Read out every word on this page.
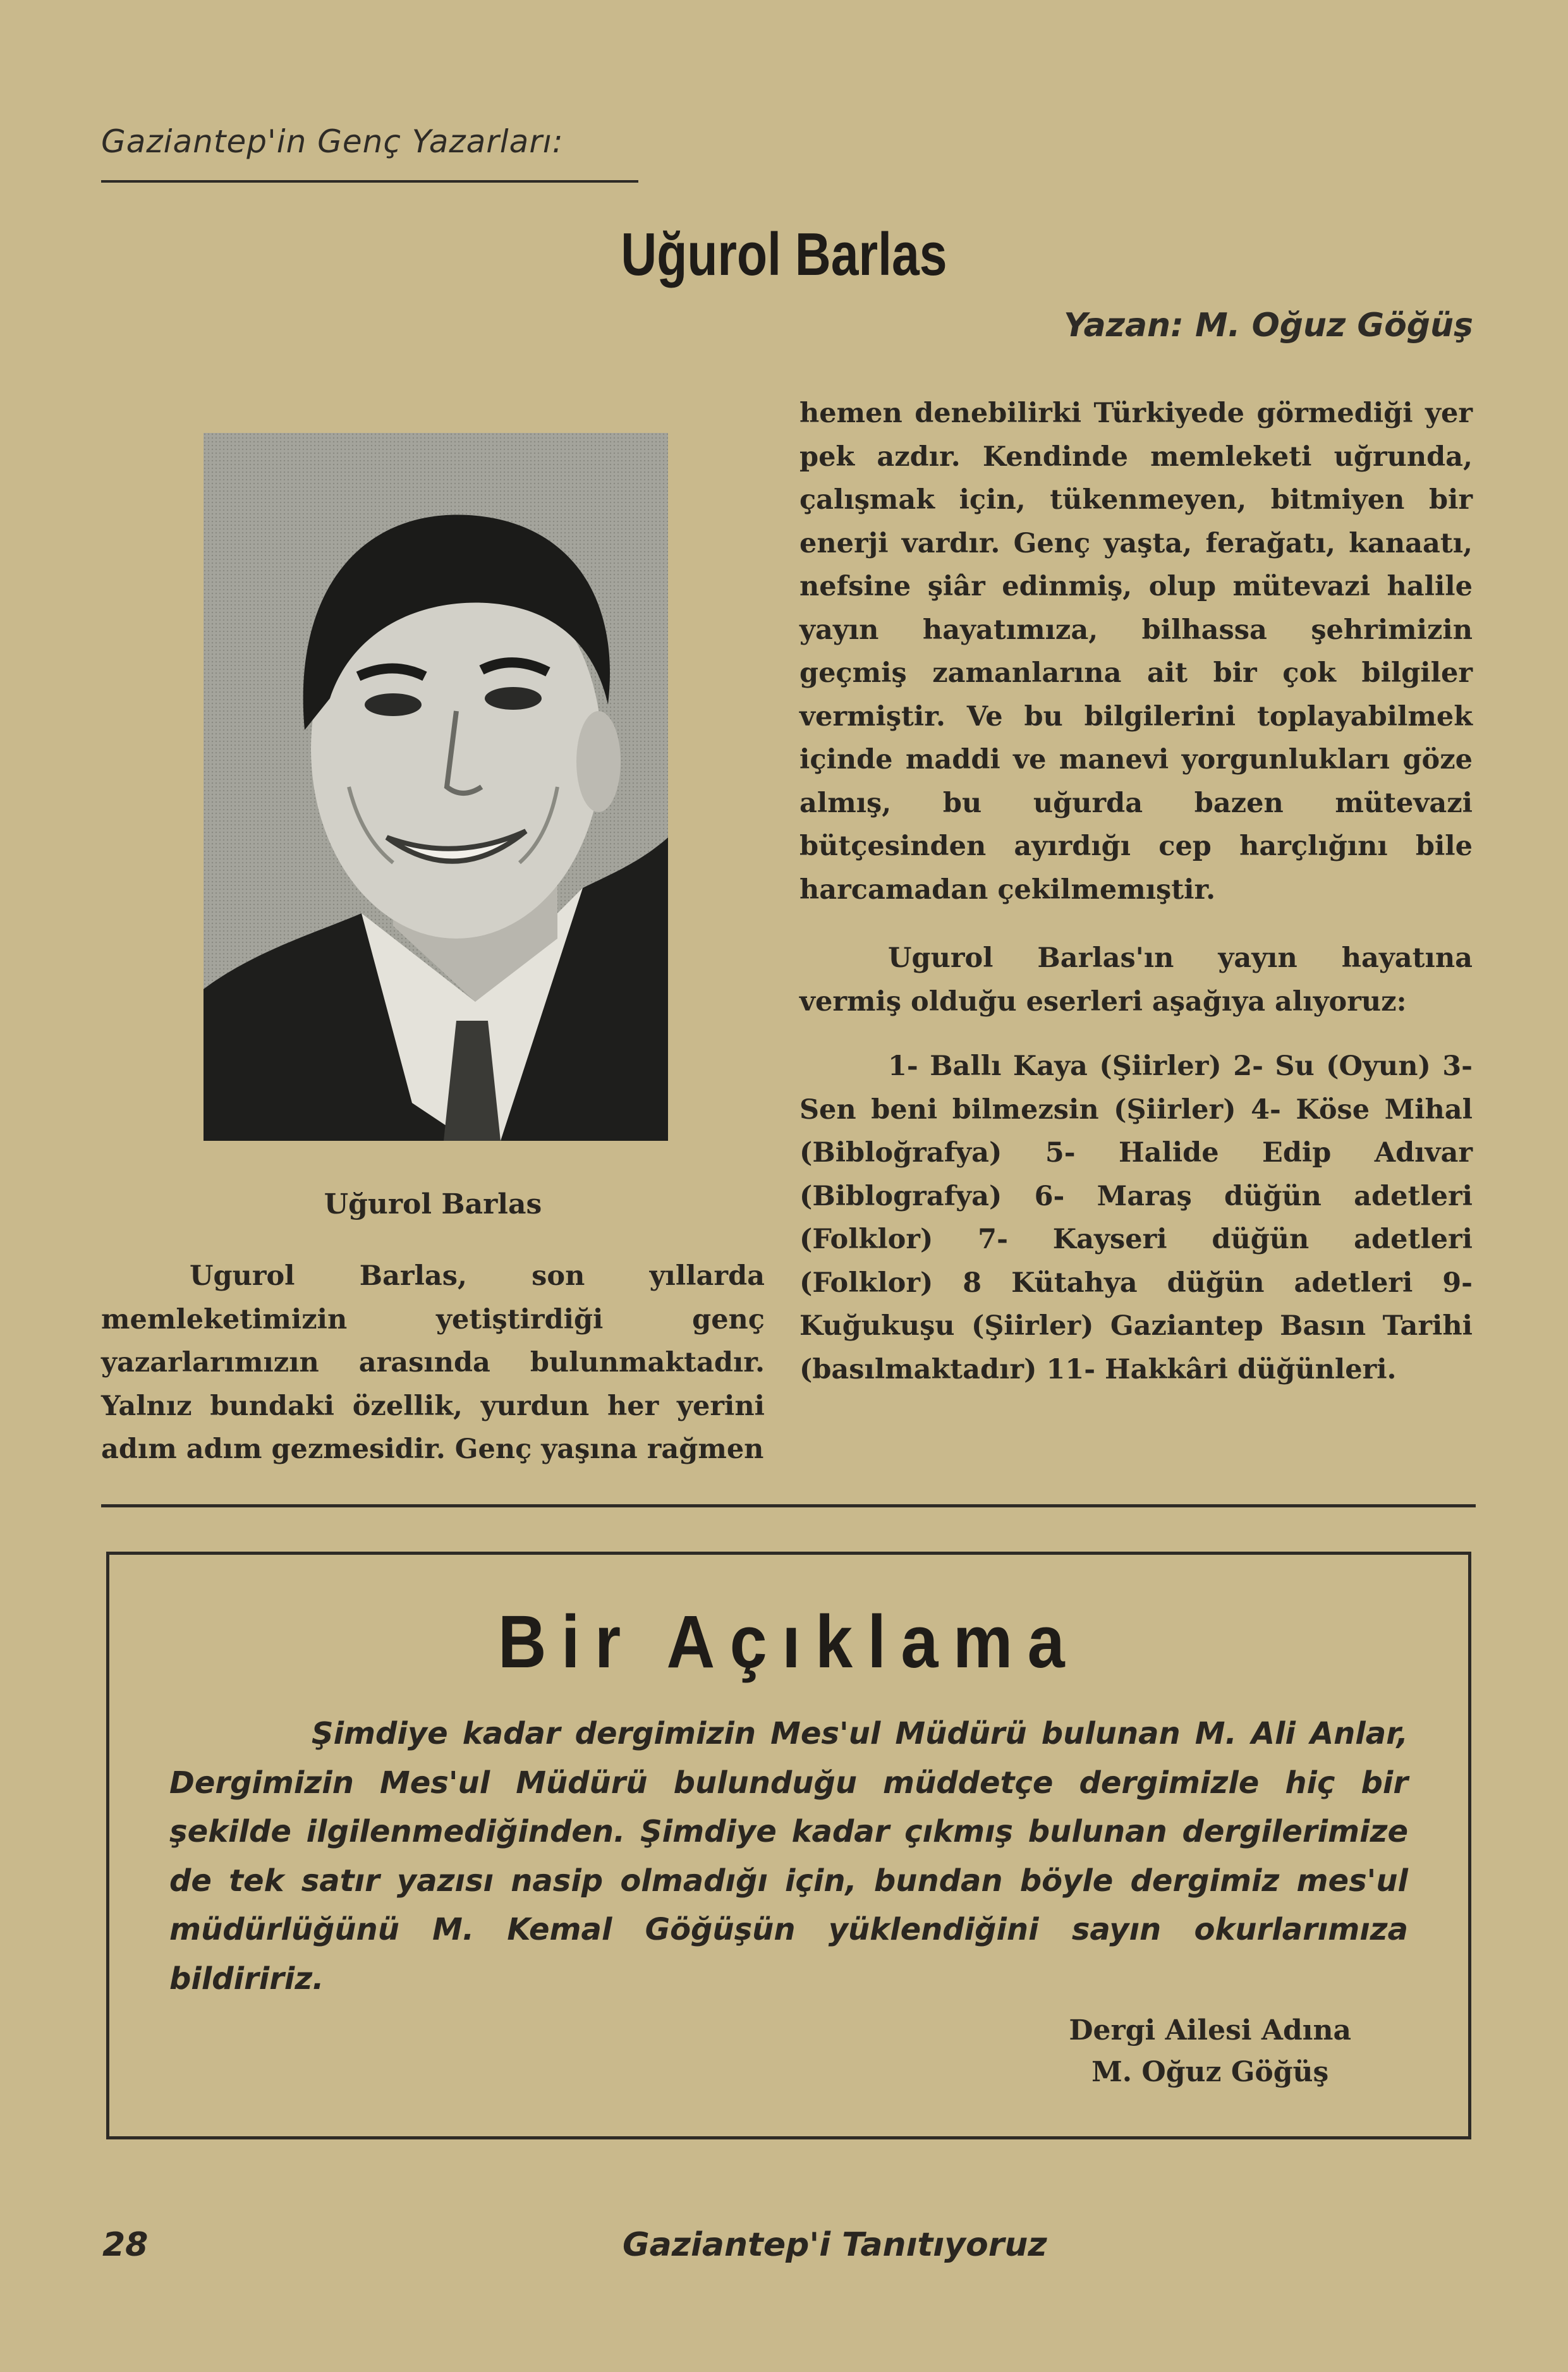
Gaziantep'in Genç Yazarları:
Uğurol Barlas
Yazan: M. Oğuz Göğüş
Uğurol Barlas

Ugurol Barlas, son yıllarda memleketimizin yetiştirdiği genç yazarlarımızın arasında bulunmaktadır. Yalnız bundaki özellik, yurdun her yerini adım adım gezmesidir. Genç yaşına rağmen

hemen denebilirki Türkiyede görmediği yer pek azdır. Kendinde memleketi uğrunda, çalışmak için, tükenmeyen, bitmiyen bir enerji vardır. Genç yaşta, ferağatı, kanaatı, nefsine şiâr edinmiş, olup mütevazi halile yayın hayatımıza, bilhassa şehrimizin geçmiş zamanlarına ait bir çok bilgiler vermiştir. Ve bu bilgilerini toplayabilmek içinde maddi ve manevi yorgunlukları göze almış, bu uğurda bazen mütevazi bütçesinden ayırdığı cep harçlığını bile harcamadan çekilmemıştir.

Ugurol Barlas'ın yayın hayatına vermiş olduğu eserleri aşağıya alıyoruz:

1- Ballı Kaya (Şiirler) 2- Su (Oyun) 3- Sen beni bilmezsin (Şiirler) 4- Köse Mihal (Bibloğrafya) 5- Halide Edip Adıvar (Biblografya) 6- Maraş düğün adetleri (Folklor) 7- Kayseri düğün adetleri (Folklor) 8 Kütahya düğün adetleri 9- Kuğukuşu (Şiirler) Gaziantep Basın Tarihi (basılmaktadır) 11- Hakkâri düğünleri.

Bir Açıklama
Şimdiye kadar dergimizin Mes'ul Müdürü bulunan M. Ali Anlar, Dergimizin Mes'ul Müdürü bulunduğu müddetçe dergimizle hiç bir şekilde ilgilenmediğinden. Şimdiye kadar çıkmış bulunan dergilerimize de tek satır yazısı nasip olmadığı için, bundan böyle dergimiz mes'ul müdürlüğünü M. Kemal Göğüşün yüklendiğini sayın okurlarımıza bildiririz.
Dergi Ailesi Adına
M. Oğuz Göğüş
28	Gaziantep'i Tanıtıyoruz
